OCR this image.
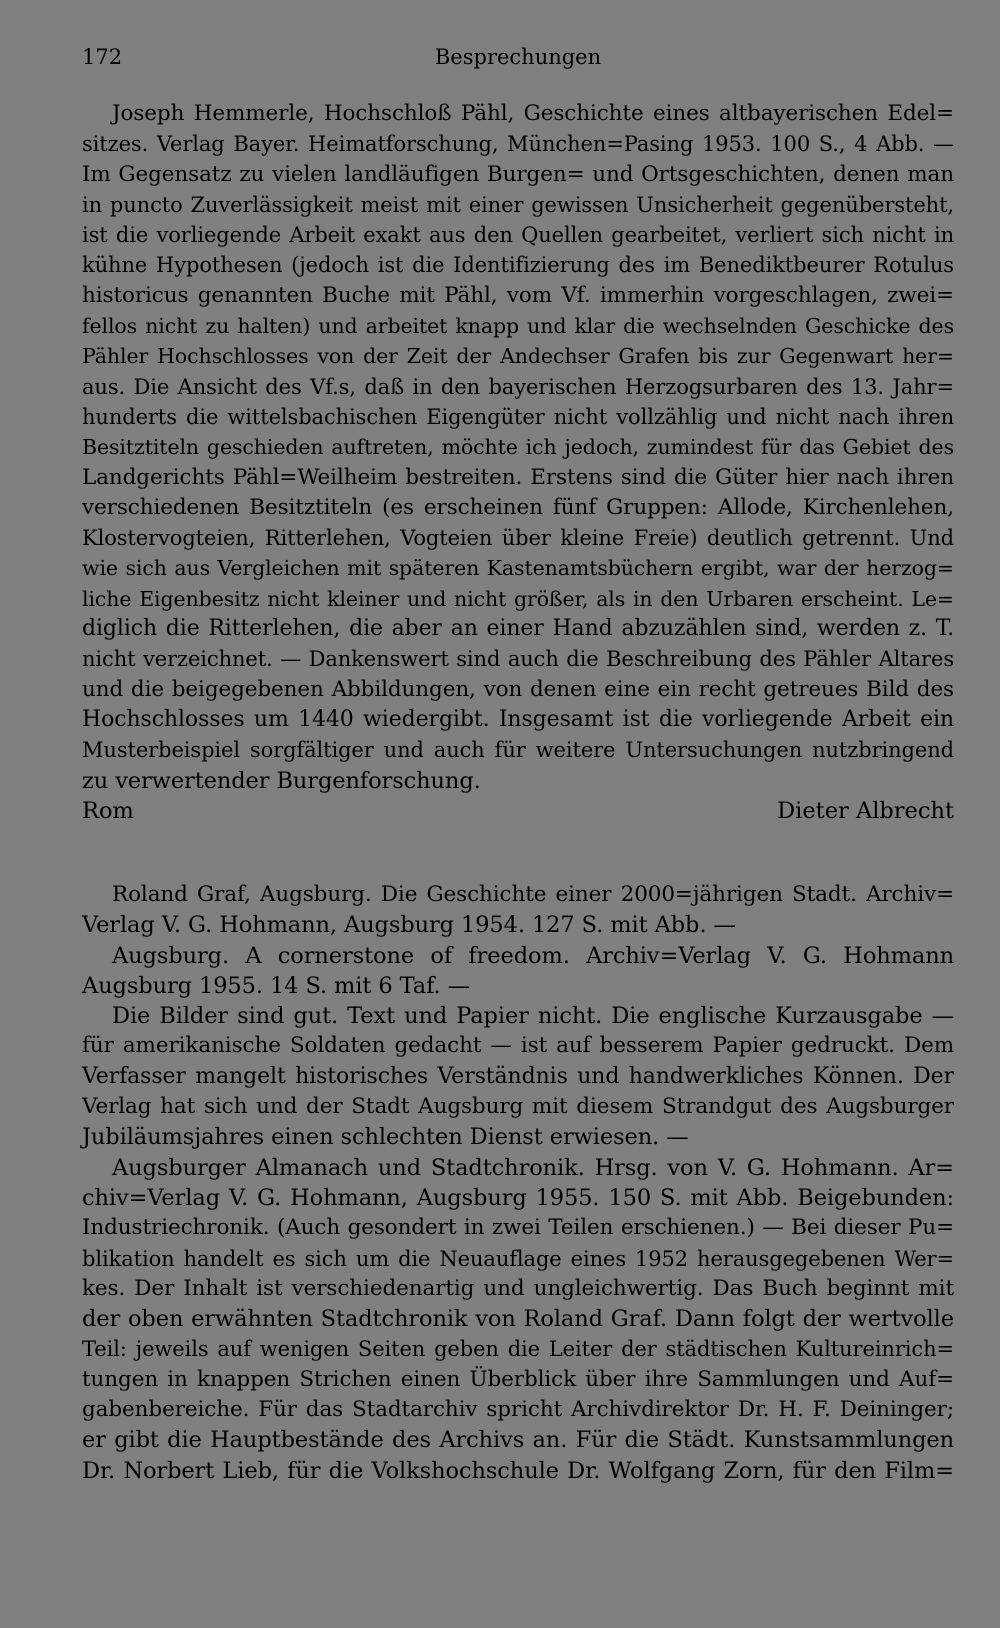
172	Besprechungen
Joseph Hemmerle, Hochschloß Pähl, Geschichte eines altbayerischen Edel=
sitzes. Verlag Bayer. Heimatforschung, München=Pasing 1953. 100 S., 4 Abb. —
Im Gegensatz zu vielen landläufigen Burgen= und Ortsgeschichten, denen man
in puncto Zuverlässigkeit meist mit einer gewissen Unsicherheit gegenübersteht,
ist die vorliegende Arbeit exakt aus den Quellen gearbeitet, verliert sich nicht in
kühne Hypothesen (jedoch ist die Identifizierung des im Benediktbeurer Rotulus
historicus genannten Buche mit Pähl, vom Vf. immerhin vorgeschlagen, zwei=
fellos nicht zu halten) und arbeitet knapp und klar die wechselnden Geschicke des
Pähler Hochschlosses von der Zeit der Andechser Grafen bis zur Gegenwart her=
aus. Die Ansicht des Vf.s, daß in den bayerischen Herzogsurbaren des 13. Jahr=
hunderts die wittelsbachischen Eigengüter nicht vollzählig und nicht nach ihren
Besitztiteln geschieden auftreten, möchte ich jedoch, zumindest für das Gebiet des
Landgerichts Pähl=Weilheim bestreiten. Erstens sind die Güter hier nach ihren
verschiedenen Besitztiteln (es erscheinen fünf Gruppen: Allode, Kirchenlehen,
Klostervogteien, Ritterlehen, Vogteien über kleine Freie) deutlich getrennt. Und
wie sich aus Vergleichen mit späteren Kastenamtsbüchern ergibt, war der herzog=
liche Eigenbesitz nicht kleiner und nicht größer, als in den Urbaren erscheint. Le=
diglich die Ritterlehen, die aber an einer Hand abzuzählen sind, werden z. T.
nicht verzeichnet. — Dankenswert sind auch die Beschreibung des Pähler Altares
und die beigegebenen Abbildungen, von denen eine ein recht getreues Bild des
Hochschlosses um 1440 wiedergibt. Insgesamt ist die vorliegende Arbeit ein
Musterbeispiel sorgfältiger und auch für weitere Untersuchungen nutzbringend
zu verwertender Burgenforschung.
Rom	Dieter Albrecht
Roland Graf, Augsburg. Die Geschichte einer 2000=jährigen Stadt. Archiv=
Verlag V. G. Hohmann, Augsburg 1954. 127 S. mit Abb. —
Augsburg. A cornerstone of freedom. Archiv=Verlag V. G. Hohmann
Augsburg 1955. 14 S. mit 6 Taf. —
Die Bilder sind gut. Text und Papier nicht. Die englische Kurzausgabe —
für amerikanische Soldaten gedacht — ist auf besserem Papier gedruckt. Dem
Verfasser mangelt historisches Verständnis und handwerkliches Können. Der
Verlag hat sich und der Stadt Augsburg mit diesem Strandgut des Augsburger
Jubiläumsjahres einen schlechten Dienst erwiesen. —
Augsburger Almanach und Stadtchronik. Hrsg. von V. G. Hohmann. Ar=
chiv=Verlag V. G. Hohmann, Augsburg 1955. 150 S. mit Abb. Beigebunden:
Industriechronik. (Auch gesondert in zwei Teilen erschienen.) — Bei dieser Pu=
blikation handelt es sich um die Neuauflage eines 1952 herausgegebenen Wer=
kes. Der Inhalt ist verschiedenartig und ungleichwertig. Das Buch beginnt mit
der oben erwähnten Stadtchronik von Roland Graf. Dann folgt der wertvolle
Teil: jeweils auf wenigen Seiten geben die Leiter der städtischen Kultureinrich=
tungen in knappen Strichen einen Überblick über ihre Sammlungen und Auf=
gabenbereiche. Für das Stadtarchiv spricht Archivdirektor Dr. H. F. Deininger;
er gibt die Hauptbestände des Archivs an. Für die Städt. Kunstsammlungen
Dr. Norbert Lieb, für die Volkshochschule Dr. Wolfgang Zorn, für den Film=
